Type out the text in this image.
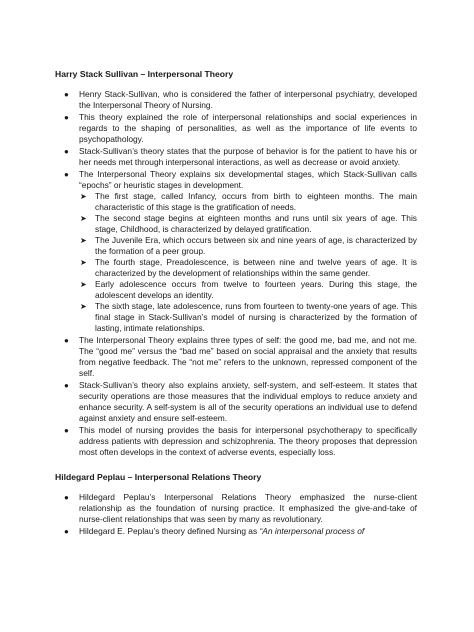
Harry Stack Sullivan – Interpersonal Theory
● Henry Stack-Sullivan, who is considered the father of interpersonal psychiatry, developed the Interpersonal Theory of Nursing.
● This theory explained the role of interpersonal relationships and social experiences in regards to the shaping of personalities, as well as the importance of life events to psychopathology.
● Stack-Sullivan’s theory states that the purpose of behavior is for the patient to have his or her needs met through interpersonal interactions, as well as decrease or avoid anxiety.
● The Interpersonal Theory explains six developmental stages, which Stack-Sullivan calls “epochs” or heuristic stages in development.
➤ The first stage, called Infancy, occurs from birth to eighteen months. The main characteristic of this stage is the gratification of needs.
➤ The second stage begins at eighteen months and runs until six years of age. This stage, Childhood, is characterized by delayed gratification.
➤ The Juvenile Era, which occurs between six and nine years of age, is characterized by the formation of a peer group.
➤ The fourth stage, Preadolescence, is between nine and twelve years of age. It is characterized by the development of relationships within the same gender.
➤ Early adolescence occurs from twelve to fourteen years. During this stage, the adolescent develops an identity.
➤ The sixth stage, late adolescence, runs from fourteen to twenty-one years of age. This final stage in Stack-Sullivan’s model of nursing is characterized by the formation of lasting, intimate relationships.
● The Interpersonal Theory explains three types of self: the good me, bad me, and not me. The “good me” versus the “bad me” based on social appraisal and the anxiety that results from negative feedback. The “not me” refers to the unknown, repressed component of the self.
● Stack-Sullivan’s theory also explains anxiety, self-system, and self-esteem. It states that security operations are those measures that the individual employs to reduce anxiety and enhance security. A self-system is all of the security operations an individual use to defend against anxiety and ensure self-esteem.
● This model of nursing provides the basis for interpersonal psychotherapy to specifically address patients with depression and schizophrenia. The theory proposes that depression most often develops in the context of adverse events, especially loss.
Hildegard Peplau – Interpersonal Relations Theory
● Hildegard Peplau’s Interpersonal Relations Theory emphasized the nurse-client relationship as the foundation of nursing practice. It emphasized the give-and-take of nurse-client relationships that was seen by many as revolutionary.
● Hildegard E. Peplau’s theory defined Nursing as “An interpersonal process of
